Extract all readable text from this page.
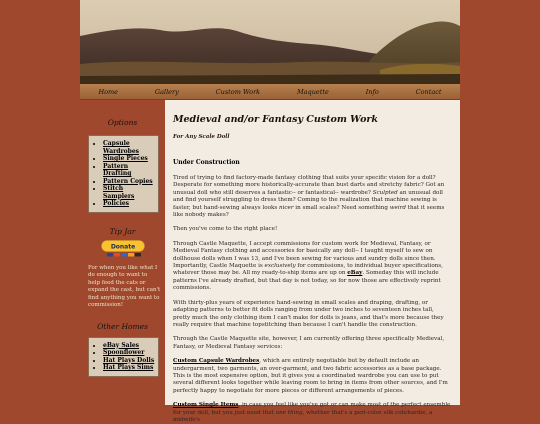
Home	Gallery	Custom Work	Maquette	Info	Contact
Options
• Capsule Wardrobes
• Single Pieces
• Pattern Drafting
• Pattern Copies
• Stitch Samplers
• Policies
Tip Jar
Donate
For when you like what I do enough to want to help feed the cats or expand the cast, but can't find anything you want to commission!
Other Homes
• eBay Sales
• Spoonflower
• Hat Plays Dolls
• Hat Plays Sims
Medieval and/or Fantasy Custom Work
For Any Scale Doll
Under Construction

Tired of trying to find factory-made fantasy clothing that suits your specific vision for a doll? Desperate for something more historically-accurate than bust darts and stretchy fabric? Got an unusual doll who still deserves a fantastic-- or fantastical-- wardrobe? Sculpted an unusual doll and find yourself struggling to dress them? Coming to the realization that machine sewing is faster, but hand-sewing always looks nicer in small scales? Need something weird that it seems like nobody makes?

Then you've come to the right place!

Through Castle Maquette, I accept commissions for custom work for Medieval, Fantasy, or Medieval Fantasy clothing and accessories for basically any doll-- I taught myself to sew on dollhouse dolls when I was 13, and I've been sewing for various and sundry dolls since then. Importantly, Castle Maquette is exclusively for commissions, to individual buyer specifications, whatever those may be. All my ready-to-ship items are up on eBay. Someday this will include patterns I've already drafted, but that day is not today, so for now those are effectively reprint commissions.

With thirty-plus years of experience hand-sewing in small scales and draping, drafting, or adapting patterns to better fit dolls ranging from under two inches to seventeen inches tall, pretty much the only clothing item I can't make for dolls is jeans, and that's more because they really require that machine topstitching than because I can't handle the construction.

Through the Castle Maquette site, however, I am currently offering three specifically Medieval, Fantasy, or Medieval Fantasy services:

Custom Capsule Wardrobes, which are entirely negotiable but by default include an undergarment, two garments, an over-garment, and two fabric accessories as a base package. This is the most expensive option, but it gives you a coordinated wardrobe you can use to put several different looks together while leaving room to bring in items from other sources, and I'm perfectly happy to negotiate for more pieces or different arrangements of pieces.

Custom Single Items, in case you feel like you've got or can make most of the perfect ensemble for your doll, but you just need that one thing, whether that's a peri-color silk cotehardie, a midwife's
